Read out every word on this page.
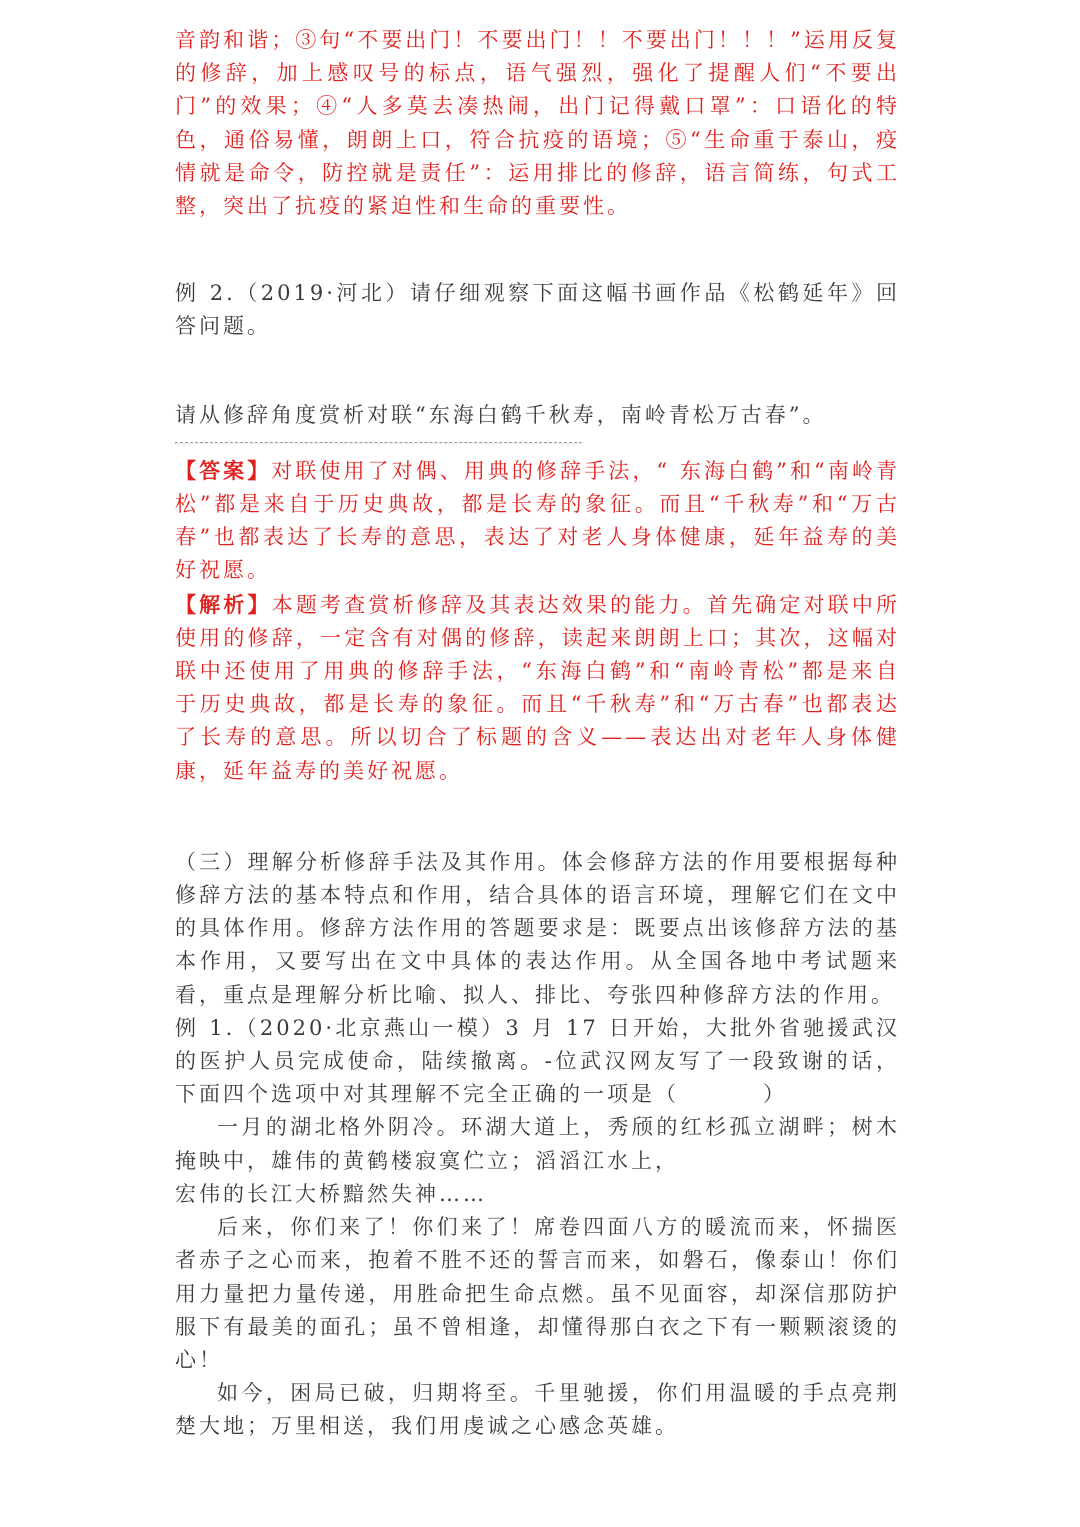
音韵和谐；③句“不要出门！不要出门！！不要出门！！！”运用反复的修辞，加上感叹号的标点，语气强烈，强化了提醒人们“不要出门”的效果；④“人多莫去凑热闹，出门记得戴口罩”：口语化的特色，通俗易懂，朗朗上口，符合抗疫的语境；⑤“生命重于泰山，疫情就是命令，防控就是责任”：运用排比的修辞，语言简练，句式工整，突出了抗疫的紧迫性和生命的重要性。

例 2.（2019·河北）请仔细观察下面这幅书画作品《松鹤延年》回答问题。

请从修辞角度赏析对联“东海白鹤千秋寿，南岭青松万古春”。

【答案】对联使用了对偶、用典的修辞手法，“ 东海白鹤”和“南岭青松”都是来自于历史典故，都是长寿的象征。而且“千秋寿”和“万古春”也都表达了长寿的意思，表达了对老人身体健康，延年益寿的美好祝愿。

【解析】本题考查赏析修辞及其表达效果的能力。首先确定对联中所使用的修辞，一定含有对偶的修辞，读起来朗朗上口；其次，这幅对联中还使用了用典的修辞手法，“东海白鹤”和“南岭青松”都是来自于历史典故，都是长寿的象征。而且“千秋寿”和“万古春”也都表达了长寿的意思。所以切合了标题的含义——表达出对老年人身体健康，延年益寿的美好祝愿。

（三）理解分析修辞手法及其作用。体会修辞方法的作用要根据每种修辞方法的基本特点和作用，结合具体的语言环境，理解它们在文中的具体作用。修辞方法作用的答题要求是：既要点出该修辞方法的基本作用，又要写出在文中具体的表达作用。从全国各地中考试题来看，重点是理解分析比喻、拟人、排比、夸张四种修辞方法的作用。

例 1.（2020·北京燕山一模）3 月 17 日开始，大批外省驰援武汉的医护人员完成使命，陆续撤离。-位武汉网友写了一段致谢的话，下面四个选项中对其理解不完全正确的一项是（	）

一月的湖北格外阴冷。环湖大道上，秀颀的红杉孤立湖畔；树木掩映中，雄伟的黄鹤楼寂寞伫立；滔滔江水上，

宏伟的长江大桥黯然失神……

后来，你们来了！你们来了！席卷四面八方的暖流而来，怀揣医者赤子之心而来，抱着不胜不还的誓言而来，如磐石，像泰山！你们用力量把力量传递，用胜命把生命点燃。虽不见面容，却深信那防护服下有最美的面孔；虽不曾相逢，却懂得那白衣之下有一颗颗滚烫的心！

如今，困局已破，归期将至。千里驰援，你们用温暖的手点亮荆楚大地；万里相送，我们用虔诚之心感念英雄。
